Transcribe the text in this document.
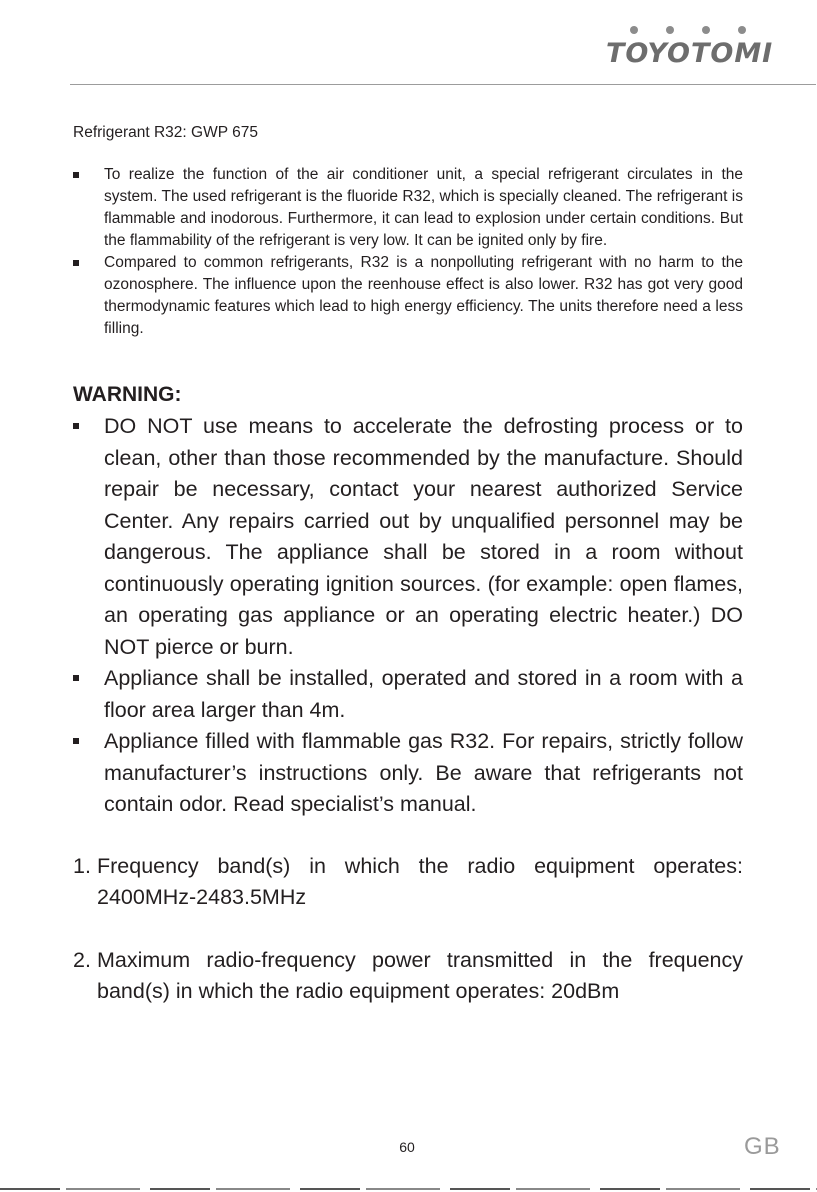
TOYOTOMI

Refrigerant R32: GWP 675

To realize the function of the air conditioner unit, a special refrigerant circulates in the system. The used refrigerant is the fluoride R32, which is specially cleaned. The refrigerant is flammable and inodorous. Furthermore, it can lead to explosion under certain conditions. But the flammability of the refrigerant is very low. It can be ignited only by fire.
Compared to common refrigerants, R32 is a nonpolluting refrigerant with no harm to the ozonosphere. The influence upon the reenhouse effect is also lower. R32 has got very good thermodynamic features which lead to high energy efficiency. The units therefore need a less filling.
WARNING:
DO NOT use means to accelerate the defrosting process or to clean, other than those recommended by the manufacture. Should repair be necessary, contact your nearest authorized Service Center. Any repairs carried out by unqualified personnel may be dangerous. The appliance shall be stored in a room without continuously operating ignition sources. (for example: open flames, an operating gas appliance or an operating electric heater.) DO NOT pierce or burn.
Appliance shall be installed, operated and stored in a room with a floor area larger than 4m.
Appliance filled with flammable gas R32. For repairs, strictly follow manufacturer’s instructions only. Be aware that refrigerants not contain odor. Read specialist’s manual.
1. Frequency band(s) in which the radio equipment operates: 2400MHz-2483.5MHz
2. Maximum radio-frequency power transmitted in the frequency band(s) in which the radio equipment operates: 20dBm
60	GB
